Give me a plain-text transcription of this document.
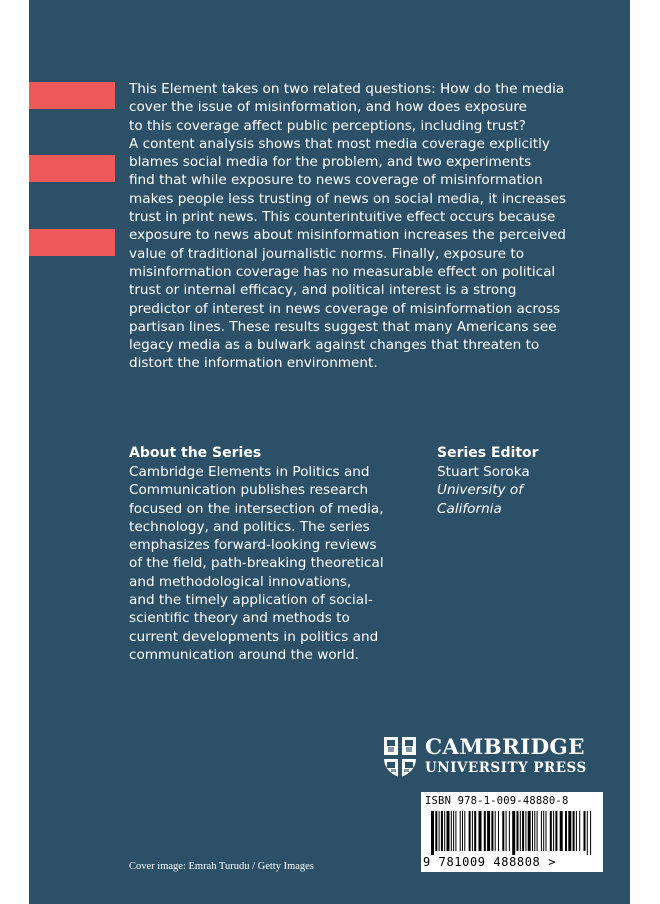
This Element takes on two related questions: How do the media
cover the issue of misinformation, and how does exposure
to this coverage affect public perceptions, including trust?
A content analysis shows that most media coverage explicitly
blames social media for the problem, and two experiments
find that while exposure to news coverage of misinformation
makes people less trusting of news on social media, it increases
trust in print news. This counterintuitive effect occurs because
exposure to news about misinformation increases the perceived
value of traditional journalistic norms. Finally, exposure to
misinformation coverage has no measurable effect on political
trust or internal efficacy, and political interest is a strong
predictor of interest in news coverage of misinformation across
partisan lines. These results suggest that many Americans see
legacy media as a bulwark against changes that threaten to
distort the information environment.

About the Series

Cambridge Elements in Politics and
Communication publishes research
focused on the intersection of media,
technology, and politics. The series
emphasizes forward-looking reviews
of the field, path-breaking theoretical
and methodological innovations,
and the timely application of social-
scientific theory and methods to
current developments in politics and
communication around the world.

Series Editor

Stuart Soroka
University of
California
CAMBRIDGE
UNIVERSITY PRESS
ISBN 978-1-009-48880-8
9 781009 488808 >
Cover image: Emrah Turudu / Getty Images
